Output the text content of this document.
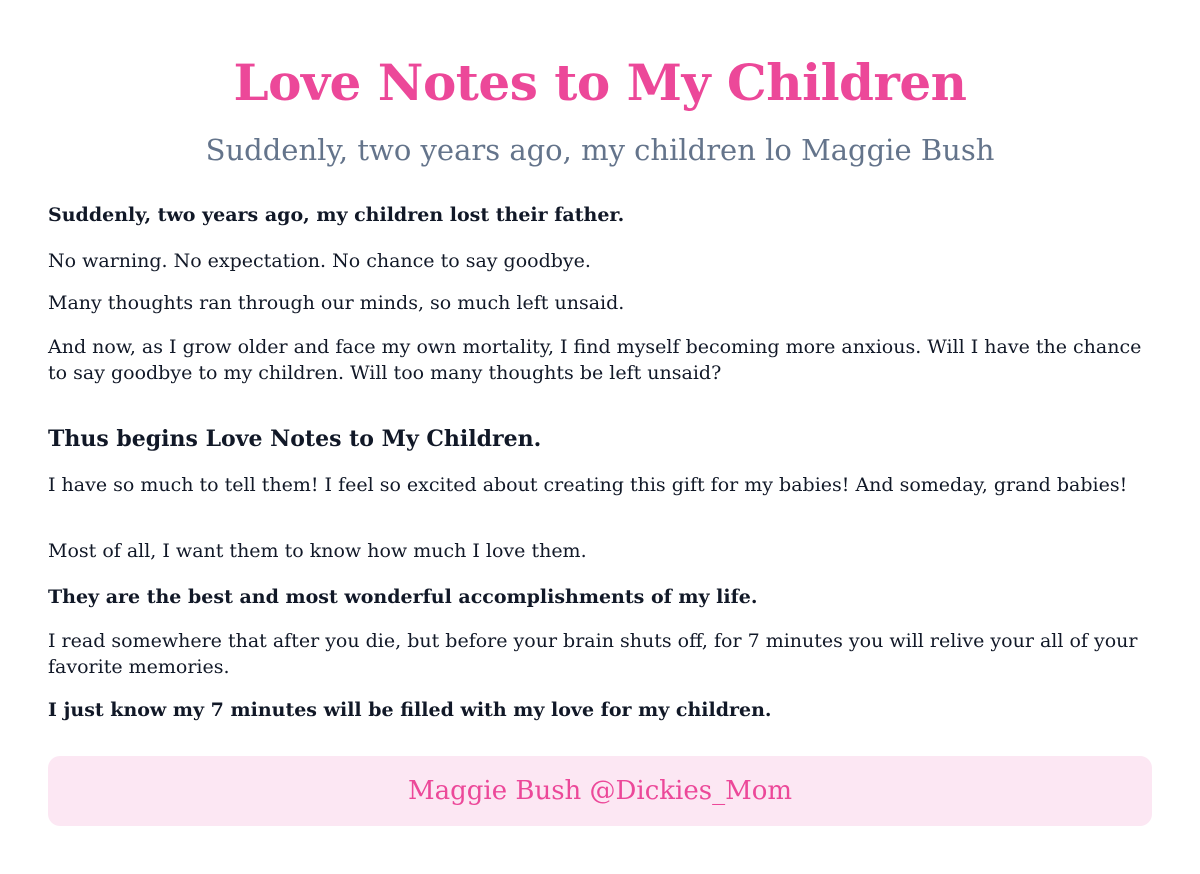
Love Notes to My Children
Suddenly, two years ago, my children lo Maggie Bush

Suddenly, two years ago, my children lost their father.

No warning. No expectation. No chance to say goodbye.

Many thoughts ran through our minds, so much left unsaid.

And now, as I grow older and face my own mortality, I find myself becoming more anxious. Will I have the chance to say goodbye to my children. Will too many thoughts be left unsaid?

Thus begins Love Notes to My Children.

I have so much to tell them! I feel so excited about creating this gift for my babies! And someday, grand babies!

Most of all, I want them to know how much I love them.

They are the best and most wonderful accomplishments of my life.

I read somewhere that after you die, but before your brain shuts off, for 7 minutes you will relive your all of your favorite memories.

I just know my 7 minutes will be filled with my love for my children.

Maggie Bush @Dickies_Mom
